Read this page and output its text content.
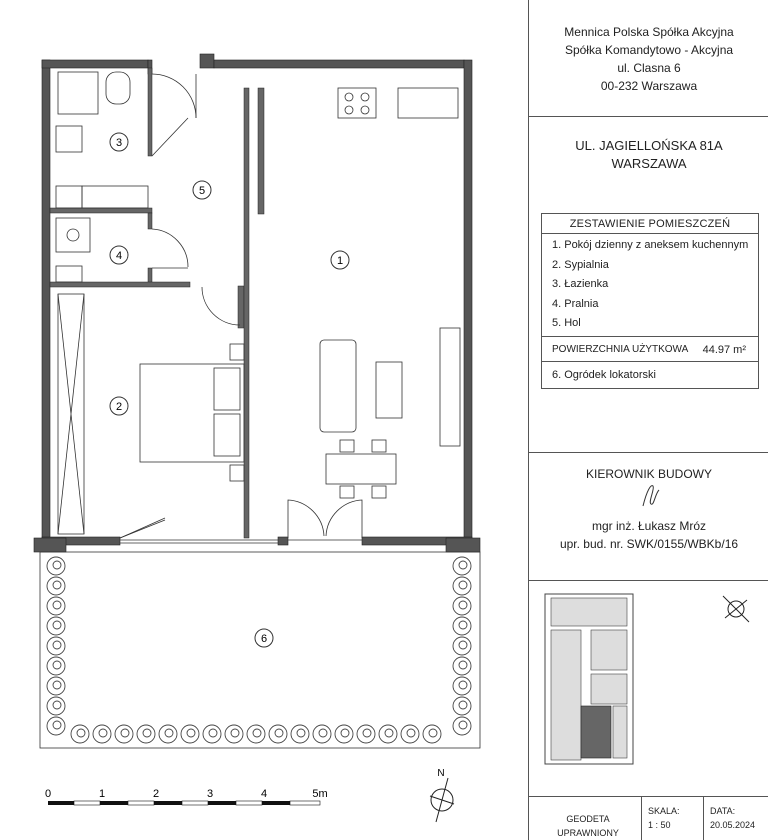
1
2
3
4
5
6
0	1	2	3	4	5m
N
Mennica Polska Spółka Akcyjna
Spółka Komandytowo - Akcyjna
ul. Clasna 6
00-232 Warszawa
UL. JAGIELLOŃSKA 81A
WARSZAWA
ZESTAWIENIE POMIESZCZEŃ
1. Pokój dzienny z aneksem kuchennym
2. Sypialnia
3. Łazienka
4. Pralnia
5. Hol
POWIERZCHNIA UŻYTKOWA 44.97 m²
6. Ogródek lokatorski
KIEROWNIK BUDOWY
mgr inż. Łukasz Mróz
upr. bud. nr. SWK/0155/WBKb/16
GEODETA UPRAWNIONY
SKALA:
1 : 50
DATA:
20.05.2024
